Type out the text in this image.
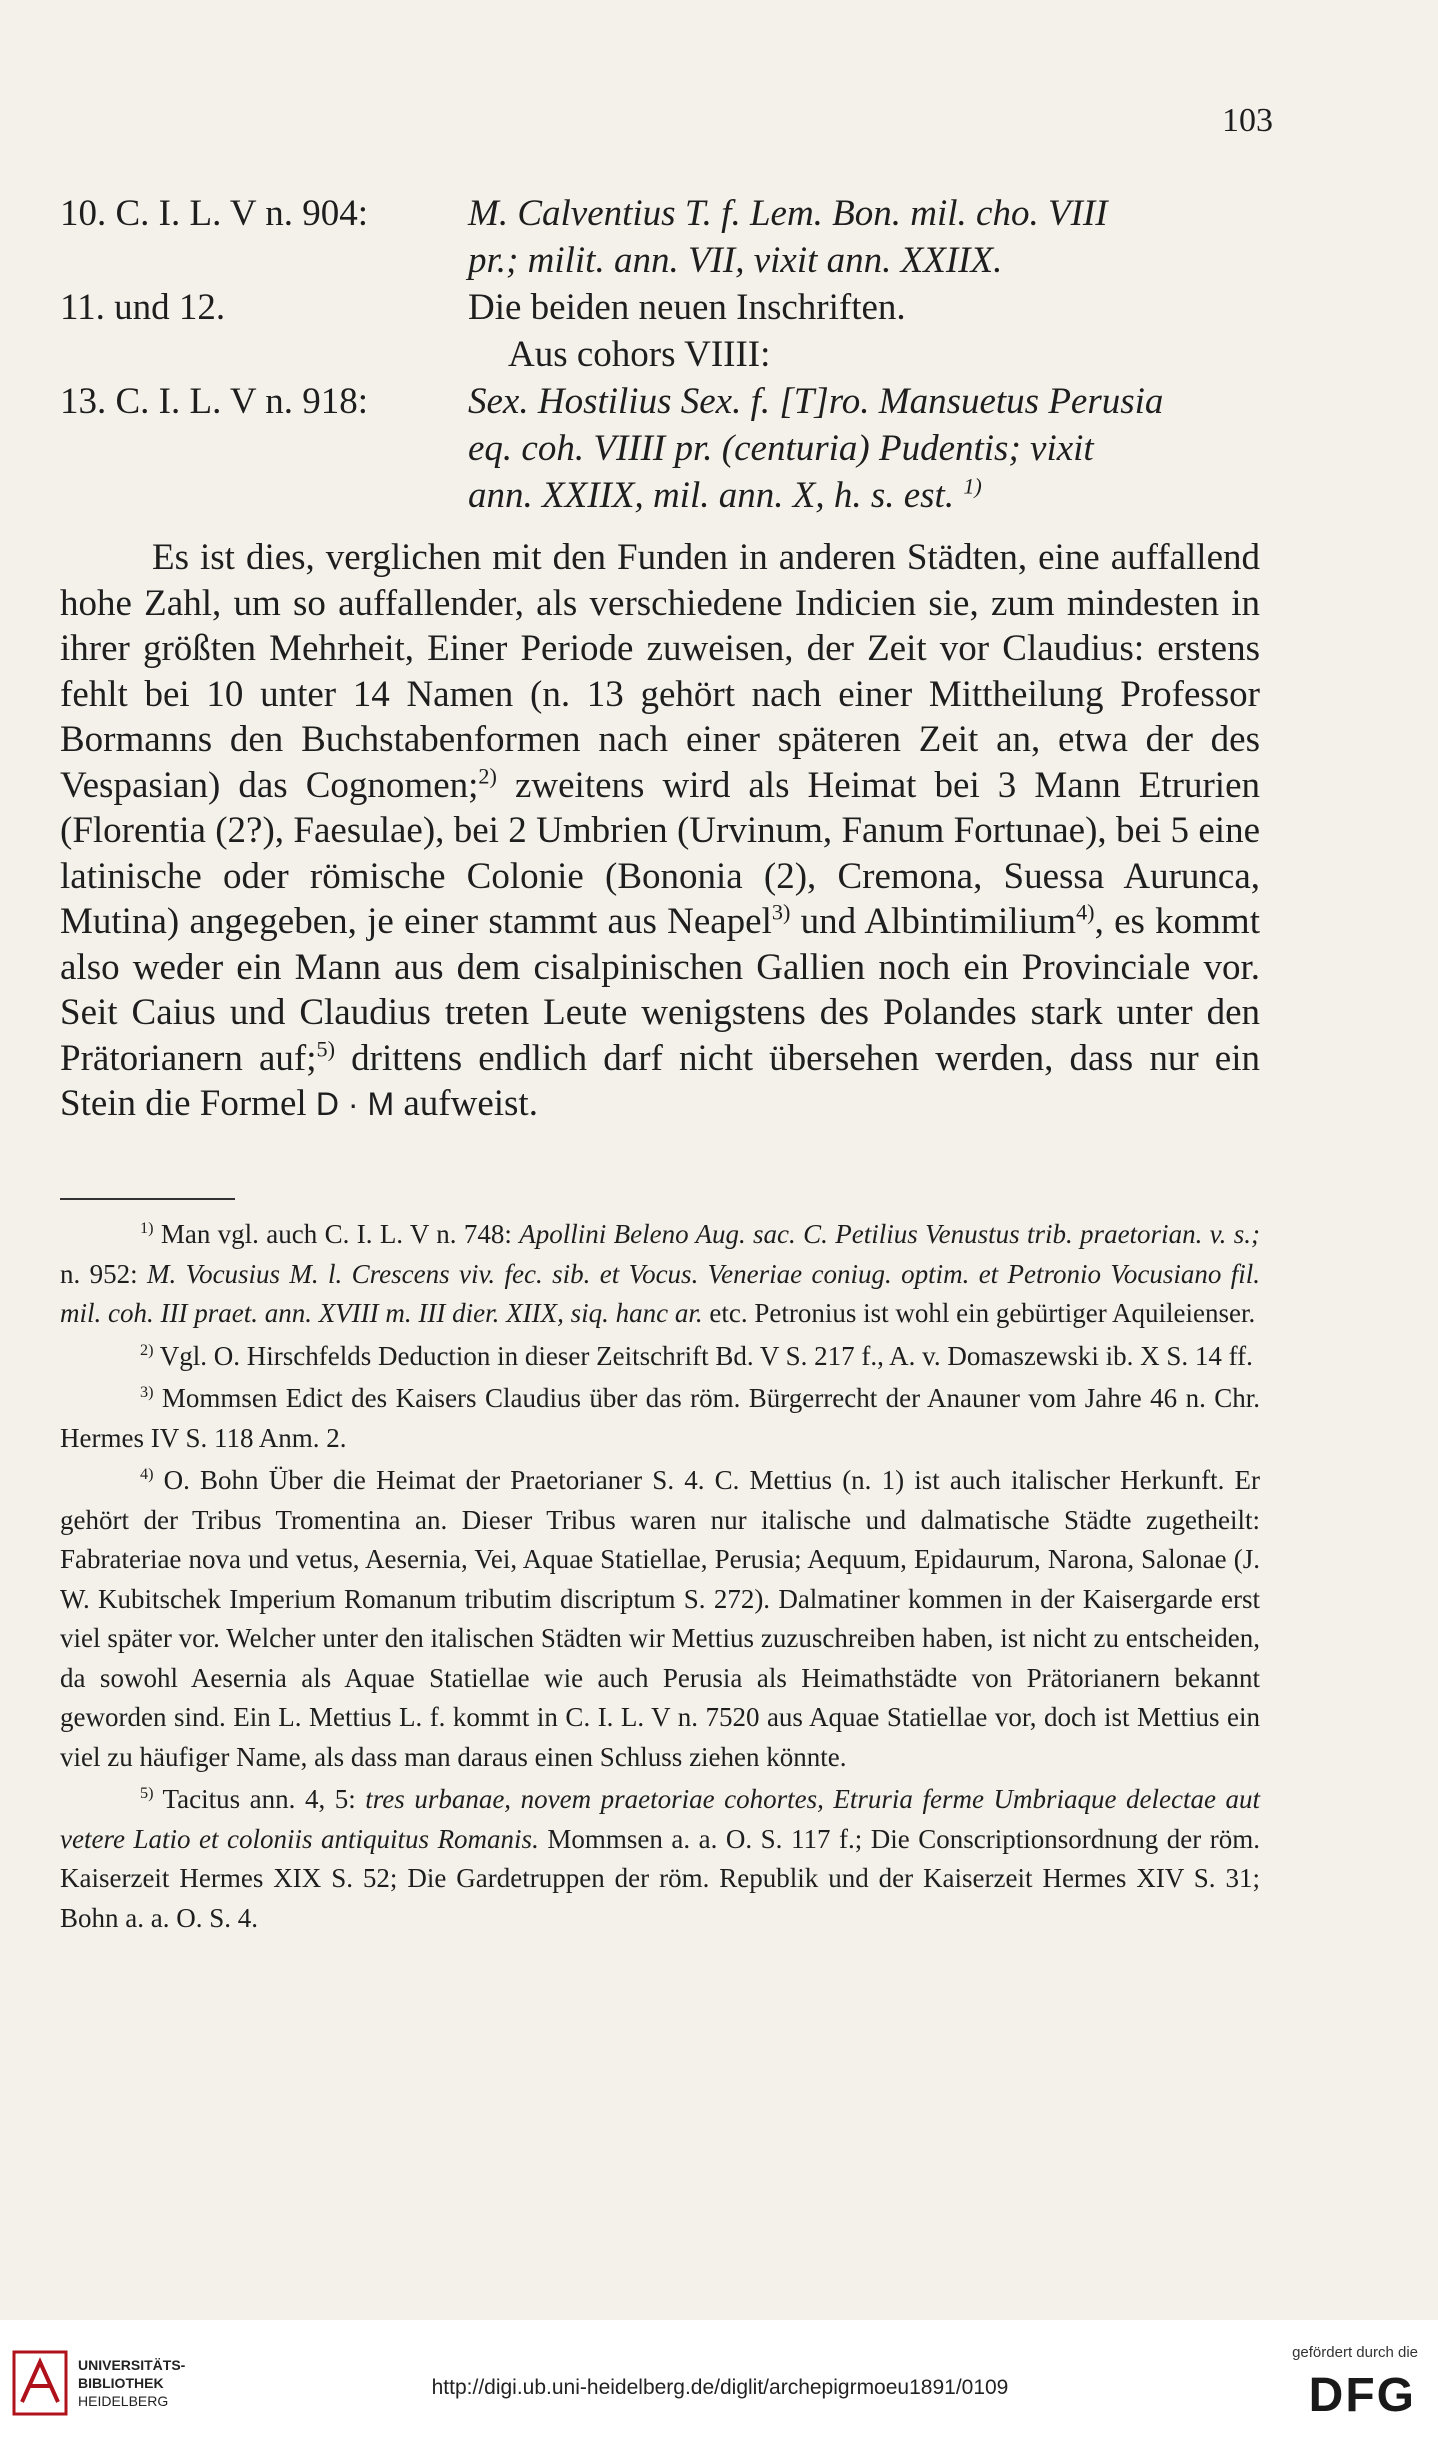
103
10. C. I. L. V n. 904:	M. Calventius T. f. Lem. Bon. mil. cho. VIII
pr.; milit. ann. VII, vixit ann. XXIIX.
11. und 12.	Die beiden neuen Inschriften.
Aus cohors VIIII:
13. C. I. L. V n. 918:	Sex. Hostilius Sex. f. [T]ro. Mansuetus Perusia
eq. coh. VIIII pr. (centuria) Pudentis; vixit
ann. XXIIX, mil. ann. X, h. s. est. $^{1)}$
Es ist dies, verglichen mit den Funden in anderen Städten, eine auffallend hohe Zahl, um so auffallender, als verschiedene Indicien sie, zum mindesten in ihrer größten Mehrheit, Einer Periode zuweisen, der Zeit vor Claudius: erstens fehlt bei 10 unter 14 Namen (n. 13 gehört nach einer Mittheilung Professor Bormanns den Buchstabenformen nach einer späteren Zeit an, etwa der des Vespasian) das Cognomen;$^{2)}$ zweitens wird als Heimat bei 3 Mann Etrurien (Florentia (2?), Faesulae), bei 2 Umbrien (Urvinum, Fanum Fortunae), bei 5 eine latinische oder römische Colonie (Bononia (2), Cremona, Suessa Aurunca, Mutina) angegeben, je einer stammt aus Neapel$^{3)}$ und Albintimilium$^{4)}$, es kommt also weder ein Mann aus dem cisalpinischen Gallien noch ein Provinciale vor. Seit Caius und Claudius treten Leute wenigstens des Polandes stark unter den Prätorianern auf;$^{5)}$ drittens endlich darf nicht übersehen werden, dass nur ein Stein die Formel D · M aufweist.

$^{1)}$ Man vgl. auch C. I. L. V n. 748: Apollini Beleno Aug. sac. C. Petilius Venustus trib. praetorian. v. s.; n. 952: M. Vocusius M. l. Crescens viv. fec. sib. et Vocus. Veneriae coniug. optim. et Petronio Vocusiano fil. mil. coh. III praet. ann. XVIII m. III dier. XIIX, siq. hanc ar. etc. Petronius ist wohl ein gebürtiger Aquileienser.

$^{2)}$ Vgl. O. Hirschfelds Deduction in dieser Zeitschrift Bd. V S. 217 f., A. v. Domaszewski ib. X S. 14 ff.

$^{3)}$ Mommsen Edict des Kaisers Claudius über das röm. Bürgerrecht der Anauner vom Jahre 46 n. Chr. Hermes IV S. 118 Anm. 2.

$^{4)}$ O. Bohn Über die Heimat der Praetorianer S. 4. C. Mettius (n. 1) ist auch italischer Herkunft. Er gehört der Tribus Tromentina an. Dieser Tribus waren nur italische und dalmatische Städte zugetheilt: Fabrateriae nova und vetus, Aesernia, Vei, Aquae Statiellae, Perusia; Aequum, Epidaurum, Narona, Salonae (J. W. Kubitschek Imperium Romanum tributim discriptum S. 272). Dalmatiner kommen in der Kaisergarde erst viel später vor. Welcher unter den italischen Städten wir Mettius zuzuschreiben haben, ist nicht zu entscheiden, da sowohl Aesernia als Aquae Statiellae wie auch Perusia als Heimathstädte von Prätorianern bekannt geworden sind. Ein L. Mettius L. f. kommt in C. I. L. V n. 7520 aus Aquae Statiellae vor, doch ist Mettius ein viel zu häufiger Name, als dass man daraus einen Schluss ziehen könnte.

$^{5)}$ Tacitus ann. 4, 5: tres urbanae, novem praetoriae cohortes, Etruria ferme Umbriaque delectae aut vetere Latio et coloniis antiquitus Romanis. Mommsen a. a. O. S. 117 f.; Die Conscriptionsordnung der röm. Kaiserzeit Hermes XIX S. 52; Die Gardetruppen der röm. Republik und der Kaiserzeit Hermes XIV S. 31; Bohn a. a. O. S. 4.

UNIVERSITÄTS-
BIBLIOTHEK
HEIDELBERG
http://digi.ub.uni-heidelberg.de/diglit/archepigrmoeu1891/0109
gefördert durch die
DFG
